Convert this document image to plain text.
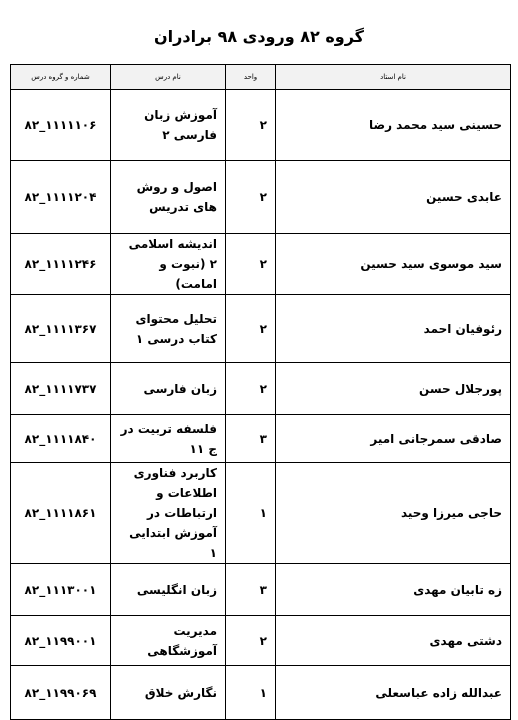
گروه ۸۲ ورودی ۹۸ برادران
نام استاد	واحد	نام درس	شماره و گروه درس
حسینی سید محمد رضا	۲	آموزش زبان فارسی ۲	۱۱۱۱۱۰۶_۸۲
عابدی حسین	۲	اصول و روش های تدریس	۱۱۱۱۲۰۴_۸۲
سید موسوی سید حسین	۲	اندیشه اسلامی ۲ (نبوت و امامت)	۱۱۱۱۲۴۶_۸۲
رئوفیان احمد	۲	تحلیل محتوای کتاب درسی ۱	۱۱۱۱۳۶۷_۸۲
پورجلال حسن	۲	زبان فارسی	۱۱۱۱۷۳۷_۸۲
صادقی سمرجانی امیر	۳	فلسفه تربیت در ج ۱۱	۱۱۱۱۸۴۰_۸۲
حاجی میرزا وحید	۱	کاربرد فناوری اطلاعات و ارتباطات در آموزش ابتدایی ۱	۱۱۱۱۸۶۱_۸۲
زه تابیان مهدی	۳	زبان انگلیسی	۱۱۱۳۰۰۱_۸۲
دشتی مهدی	۲	مدیریت آموزشگاهی	۱۱۹۹۰۰۱_۸۲
عبدالله زاده عباسعلی	۱	نگارش خلاق	۱۱۹۹۰۶۹_۸۲
